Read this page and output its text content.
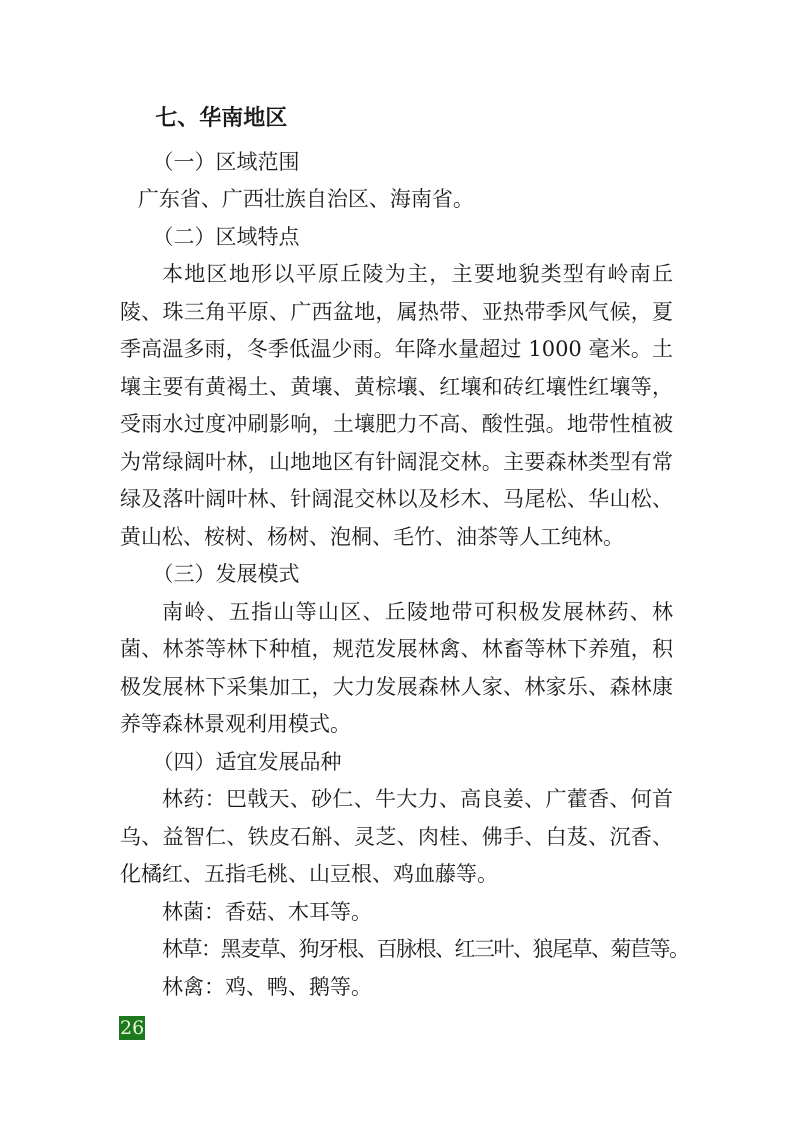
七、华南地区

（一）区域范围

广东省、广西壮族自治区、海南省。

（二）区域特点

本地区地形以平原丘陵为主，主要地貌类型有岭南丘陵、珠三角平原、广西盆地，属热带、亚热带季风气候，夏季高温多雨，冬季低温少雨。年降水量超过 1000 毫米。土壤主要有黄褐土、黄壤、黄棕壤、红壤和砖红壤性红壤等，受雨水过度冲刷影响，土壤肥力不高、酸性强。地带性植被为常绿阔叶林，山地地区有针阔混交林。主要森林类型有常绿及落叶阔叶林、针阔混交林以及杉木、马尾松、华山松、黄山松、桉树、杨树、泡桐、毛竹、油茶等人工纯林。

（三）发展模式

南岭、五指山等山区、丘陵地带可积极发展林药、林菌、林茶等林下种植，规范发展林禽、林畜等林下养殖，积极发展林下采集加工，大力发展森林人家、林家乐、森林康养等森林景观利用模式。

（四）适宜发展品种

林药：巴戟天、砂仁、牛大力、高良姜、广藿香、何首乌、益智仁、铁皮石斛、灵芝、肉桂、佛手、白芨、沉香、化橘红、五指毛桃、山豆根、鸡血藤等。

林菌：香菇、木耳等。

林草：黑麦草、狗牙根、百脉根、红三叶、狼尾草、菊苣等。

林禽：鸡、鸭、鹅等。

26
